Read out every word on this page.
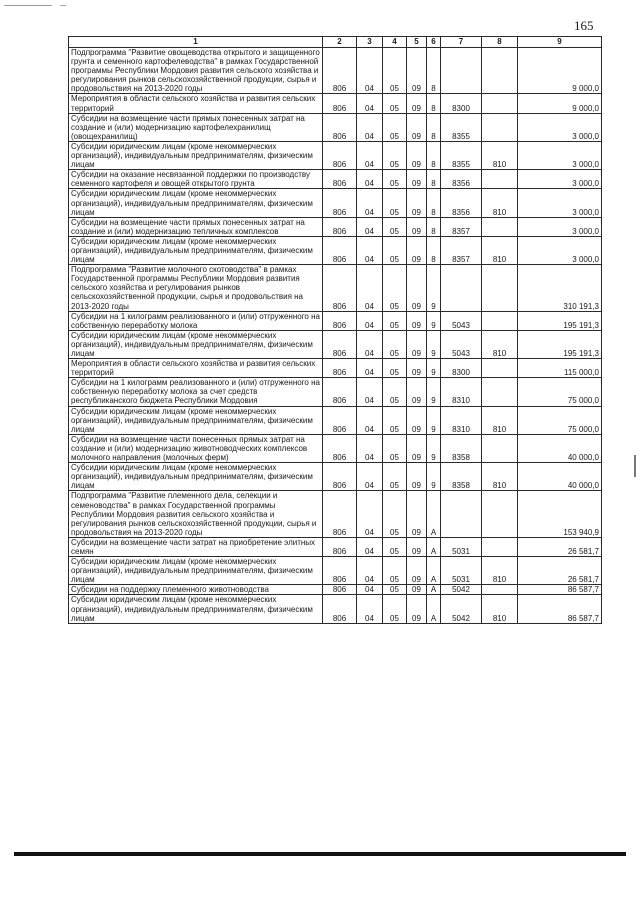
165
1	2	3	4	5	6	7	8	9
Подпрограмма "Развитие овощеводства открытого и защищенного грунта и семенного картофелеводства" в рамках Государственной программы Республики Мордовия развития сельского хозяйства и регулирования рынков сельскохозяйственной продукции, сырья и продовольствия на 2013-2020 годы	806	04	05	09	8			9 000,0
Мероприятия в области сельского хозяйства и развития сельских территорий	806	04	05	09	8	8300		9 000,0
Субсидии на возмещение части прямых понесенных затрат на создание и (или) модернизацию картофелехранилищ (овощехранилищ)	806	04	05	09	8	8355		3 000,0
Субсидии юридическим лицам (кроме некоммерческих организаций), индивидуальным предпринимателям, физическим лицам	806	04	05	09	8	8355	810	3 000,0
Субсидии на оказание несвязанной поддержки по производству семенного картофеля и овощей открытого грунта	806	04	05	09	8	8356		3 000,0
Субсидии юридическим лицам (кроме некоммерческих организаций), индивидуальным предпринимателям, физическим лицам	806	04	05	09	8	8356	810	3 000,0
Субсидии на возмещение части прямых понесенных затрат на создание и (или) модернизацию тепличных комплексов	806	04	05	09	8	8357		3 000,0
Субсидии юридическим лицам (кроме некоммерческих организаций), индивидуальным предпринимателям, физическим лицам	806	04	05	09	8	8357	810	3 000,0
Подпрограмма "Развитие молочного скотоводства" в рамках Государственной программы Республики Мордовия развития сельского хозяйства и регулирования рынков сельскохозяйственной продукции, сырья и продовольствия на 2013-2020 годы	806	04	05	09	9			310 191,3
Субсидии на 1 килограмм реализованного и (или) отгруженного на собственную переработку молока	806	04	05	09	9	5043		195 191,3
Субсидии юридическим лицам (кроме некоммерческих организаций), индивидуальным предпринимателям, физическим лицам	806	04	05	09	9	5043	810	195 191,3
Мероприятия в области сельского хозяйства и развития сельских территорий	806	04	05	09	9	8300		115 000,0
Субсидии на 1 килограмм реализованного и (или) отгруженного на собственную переработку молока за счет средств республиканского бюджета Республики Мордовия	806	04	05	09	9	8310		75 000,0
Субсидии юридическим лицам (кроме некоммерческих организаций), индивидуальным предпринимателям, физическим лицам	806	04	05	09	9	8310	810	75 000,0
Субсидии на возмещение части понесенных прямых затрат на создание и (или) модернизацию животноводческих комплексов молочного направления (молочных ферм)	806	04	05	09	9	8358		40 000,0
Субсидии юридическим лицам (кроме некоммерческих организаций), индивидуальным предпринимателям, физическим лицам	806	04	05	09	9	8358	810	40 000,0
Подпрограмма "Развитие племенного дела, селекции и семеноводства" в рамках Государственной программы Республики Мордовия развития сельского хозяйства и регулирования рынков сельскохозяйственной продукции, сырья и продовольствия на 2013-2020 годы	806	04	05	09	А			153 940,9
Субсидии на возмещение части затрат на приобретение элитных семян	806	04	05	09	А	5031		26 581,7
Субсидии юридическим лицам (кроме некоммерческих организаций), индивидуальным предпринимателям, физическим лицам	806	04	05	09	А	5031	810	26 581,7
Субсидии на поддержку племенного животноводства	806	04	05	09	А	5042		86 587,7
Субсидии юридическим лицам (кроме некоммерческих организаций), индивидуальным предпринимателям, физическим лицам	806	04	05	09	А	5042	810	86 587,7
